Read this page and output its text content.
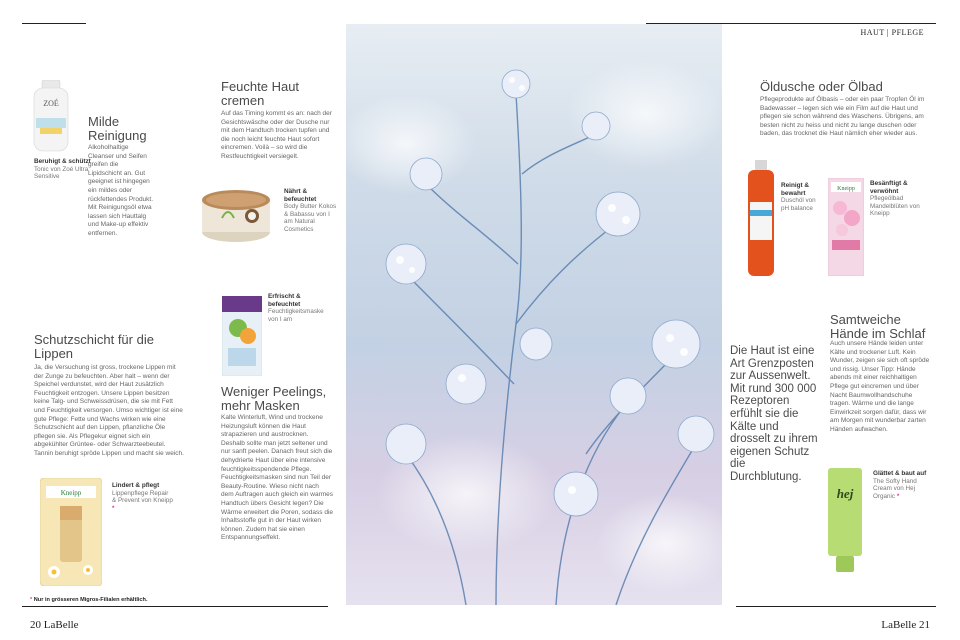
HAUT | PFLEGE
20 LaBelle	LaBelle 21
ZOÉ
Beruhigt & schützt
Tonic von Zoé Ultra Sensitive
Milde Reinigung
Alkoholhaltige Cleanser und Seifen greifen die Lipidschicht an. Gut geeignet ist hingegen ein mildes oder rückfettendes Produkt. Mit Reinigungsöl etwa lassen sich Hauttalg und Make-up effektiv entfernen.
Feuchte Haut cremen
Auf das Timing kommt es an: nach der Gesichtswäsche oder der Dusche nur mit dem Handtuch trocken tupfen und die noch leicht feuchte Haut sofort eincremen. Voilà – so wird die Restfeuchtigkeit versiegelt.
Nährt & befeuchtet
Body Butter Kokos & Babassu von I am Natural Cosmetics
Erfrischt & befeuchtet
Feuchtigkeitsmaske von I am
Schutzschicht für die Lippen
Ja, die Versuchung ist gross, trockene Lippen mit der Zunge zu befeuchten. Aber halt – wenn der Speichel verdunstet, wird der Haut zusätzlich Feuchtigkeit entzogen. Unsere Lippen besitzen keine Talg- und Schweissdrüsen, die sie mit Fett und Feuchtigkeit versorgen. Umso wichtiger ist eine gute Pflege: Fette und Wachs wirken wie eine Schutzschicht auf den Lippen, pflanzliche Öle pflegen sie. Als Pflegekur eignet sich ein abgekühlter Grüntee- oder Schwarzteebeutel. Tannin beruhigt spröde Lippen und macht sie weich.
Kneipp
Lindert & pflegt
Lippenpflege Repair & Prevent von Kneipp *
* Nur in grösseren Migros-Filialen erhältlich.
Weniger Peelings, mehr Masken
Kalte Winterluft, Wind und trockene Heizungsluft können die Haut strapazieren und austrocknen. Deshalb sollte man jetzt seltener und nur sanft peelen. Danach freut sich die dehydrierte Haut über eine intensive feuchtigkeitsspendende Pflege. Feuchtigkeitsmasken sind nun Teil der Beauty-Routine. Wieso nicht nach dem Auftragen auch gleich ein warmes Handtuch übers Gesicht legen? Die Wärme erweitert die Poren, sodass die Inhaltsstoffe gut in der Haut wirken können. Zudem hat sie einen Entspannungseffekt.
Öldusche oder Ölbad
Pflegeprodukte auf Ölbasis – oder ein paar Tropfen Öl im Badewasser – legen sich wie ein Film auf die Haut und pflegen sie schon während des Waschens. Übrigens, am besten nicht zu heiss und nicht zu lange duschen oder baden, das trocknet die Haut nämlich eher wieder aus.
Reinigt & bewahrt
Duschöl von pH balance
Kneipp
Besänftigt & verwöhnt
Pflegeölbad Mandelblüten von Kneipp
Die Haut ist eine Art Grenzposten zur Aussenwelt. Mit rund 300 000 Rezeptoren erfühlt sie die Kälte und drosselt zu ihrem eigenen Schutz die Durchblutung.
Samtweiche Hände im Schlaf
Auch unsere Hände leiden unter Kälte und trockener Luft. Kein Wunder, zeigen sie sich oft spröde und rissig. Unser Tipp: Hände abends mit einer reichhaltigen Pflege gut eincremen und über Nacht Baumwollhandschuhe tragen. Wärme und die lange Einwirkzeit sorgen dafür, dass wir am Morgen mit wunderbar zarten Händen aufwachen.
hej
Glättet & baut auf
The Softy Hand Cream von Hej Organic *
